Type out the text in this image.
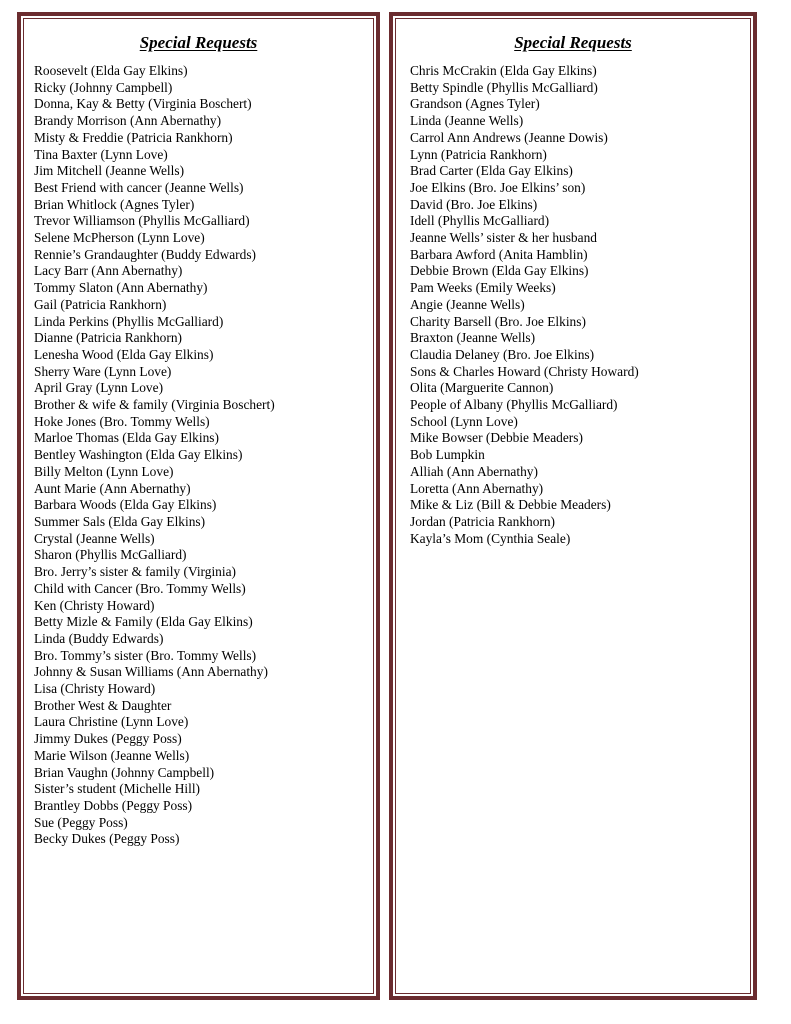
Special Requests
Roosevelt (Elda Gay Elkins)
Ricky (Johnny Campbell)
Donna, Kay & Betty (Virginia Boschert)
Brandy Morrison (Ann Abernathy)
Misty & Freddie (Patricia Rankhorn)
Tina Baxter (Lynn Love)
Jim Mitchell (Jeanne Wells)
Best Friend with cancer (Jeanne Wells)
Brian Whitlock (Agnes Tyler)
Trevor Williamson (Phyllis McGalliard)
Selene McPherson (Lynn Love)
Rennie’s Grandaughter (Buddy Edwards)
Lacy Barr (Ann Abernathy)
Tommy Slaton (Ann Abernathy)
Gail (Patricia Rankhorn)
Linda Perkins (Phyllis McGalliard)
Dianne (Patricia Rankhorn)
Lenesha Wood (Elda Gay Elkins)
Sherry Ware (Lynn Love)
April Gray (Lynn Love)
Brother & wife & family (Virginia Boschert)
Hoke Jones (Bro. Tommy Wells)
Marloe Thomas (Elda Gay Elkins)
Bentley Washington (Elda Gay Elkins)
Billy Melton (Lynn Love)
Aunt Marie (Ann Abernathy)
Barbara Woods (Elda Gay Elkins)
Summer Sals (Elda Gay Elkins)
Crystal (Jeanne Wells)
Sharon (Phyllis McGalliard)
Bro. Jerry’s sister & family (Virginia)
Child with Cancer (Bro. Tommy Wells)
Ken (Christy Howard)
Betty Mizle & Family (Elda Gay Elkins)
Linda (Buddy Edwards)
Bro. Tommy’s sister (Bro. Tommy Wells)
Johnny & Susan Williams (Ann Abernathy)
Lisa (Christy Howard)
Brother West & Daughter
Laura Christine (Lynn Love)
Jimmy Dukes (Peggy Poss)
Marie Wilson (Jeanne Wells)
Brian Vaughn (Johnny Campbell)
Sister’s student (Michelle Hill)
Brantley Dobbs (Peggy Poss)
Sue (Peggy Poss)
Becky Dukes (Peggy Poss)
Special Requests
Chris McCrakin (Elda Gay Elkins)
Betty Spindle (Phyllis McGalliard)
Grandson (Agnes Tyler)
Linda (Jeanne Wells)
Carrol Ann Andrews (Jeanne Dowis)
Lynn (Patricia Rankhorn)
Brad Carter (Elda Gay Elkins)
Joe Elkins (Bro. Joe Elkins’ son)
David (Bro. Joe Elkins)
Idell (Phyllis McGalliard)
Jeanne Wells’ sister & her husband
Barbara Awford (Anita Hamblin)
Debbie Brown (Elda Gay Elkins)
Pam Weeks (Emily Weeks)
Angie (Jeanne Wells)
Charity Barsell (Bro. Joe Elkins)
Braxton (Jeanne Wells)
Claudia Delaney (Bro. Joe Elkins)
Sons & Charles Howard (Christy Howard)
Olita (Marguerite Cannon)
People of Albany (Phyllis McGalliard)
School (Lynn Love)
Mike Bowser (Debbie Meaders)
Bob Lumpkin
Alliah (Ann Abernathy)
Loretta (Ann Abernathy)
Mike & Liz (Bill & Debbie Meaders)
Jordan (Patricia Rankhorn)
Kayla’s Mom (Cynthia Seale)
